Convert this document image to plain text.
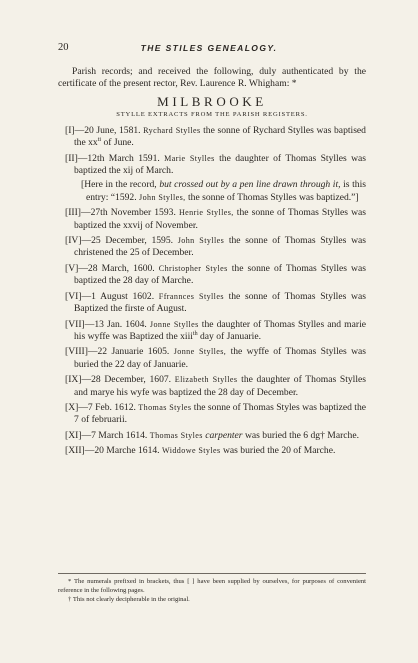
20	THE STILES GENEALOGY.

Parish records; and received the following, duly authenticated by the certificate of the present rector, Rev. Laurence R. Whigham: *

MILBROOKE
STYLLE EXTRACTS FROM THE PARISH REGISTERS.

[I]—20 June, 1581. Rychard Stylles the sonne of Rychard Stylles was baptised the $xx^{ti}$ of June.

[II]—12th March 1591. Marie Stylles the daughter of Thomas Stylles was baptized the xij of March.

[Here in the record, but crossed out by a pen line drawn through it, is this entry: “1592. John Stylles, the sonne of Thomas Stylles was baptized.”]

[III]—27th November 1593. Henrie Stylles, the sonne of Thomas Stylles was baptized the xxvij of November.

[IV]—25 December, 1595. John Stylles the sonne of Thomas Stylles was christened the 25 of December.

[V]—28 March, 1600. Christopher Styles the sonne of Thomas Stylles was baptized the 28 day of Marche.

[VI]—1 August 1602. Ffrannces Stylles the sonne of Thomas Stylles was Baptized the firste of August.

[VII]—13 Jan. 1604. Jonne Stylles the daughter of Thomas Stylles and marie his wyffe was Baptized the xiii$^{th}$ day of Januarie.

[VIII]—22 Januarie 1605. Jonne Stylles, the wyffe of Thomas Stylles was buried the 22 day of Januarie.

[IX]—28 December, 1607. Elizabeth Stylles the daughter of Thomas Stylles and marye his wyfe was baptized the 28 day of December.

[X]—7 Feb. 1612. Thomas Styles the sonne of Thomas Styles was baptized the 7 of februarii.

[XI]—7 March 1614. Thomas Styles carpenter was buried the 6 dg† Marche.

[XII]—20 Marche 1614. Widdowe Styles was buried the 20 of Marche.

* The numerals prefixed in brackets, thus [ ] have been supplied by ourselves, for purposes of convenient reference in the following pages.

† This not clearly decipherable in the original.
